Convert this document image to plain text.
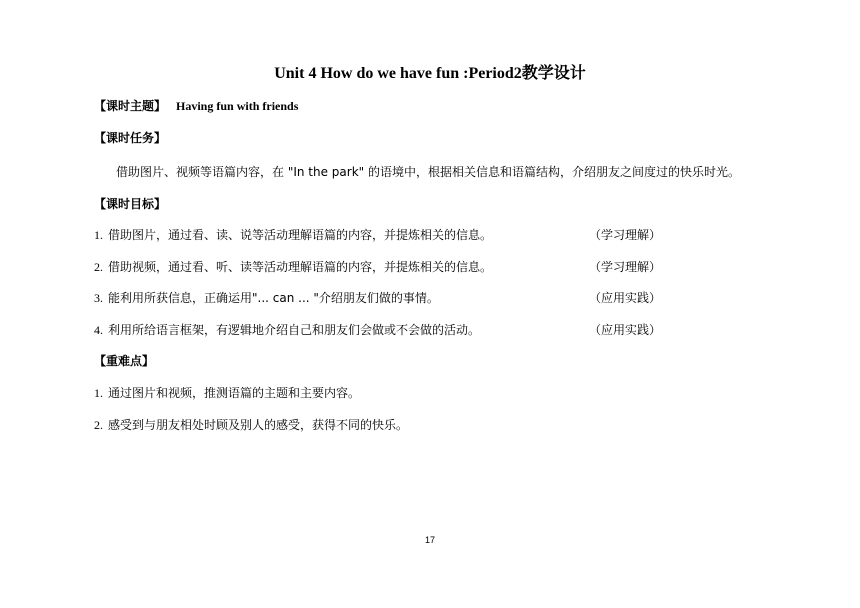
Unit 4 How do we have fun :Period2教学设计
【课时主题】 Having fun with friends
【课时任务】
借助图片、视频等语篇内容，在 "In the park" 的语境中，根据相关信息和语篇结构，介绍朋友之间度过的快乐时光。
【课时目标】
1. 借助图片，通过看、读、说等活动理解语篇的内容，并提炼相关的信息。	（学习理解）
2. 借助视频，通过看、听、读等活动理解语篇的内容，并提炼相关的信息。	（学习理解）
3. 能利用所获信息，正确运用"... can ... "介绍朋友们做的事情。	（应用实践）
4. 利用所给语言框架，有逻辑地介绍自己和朋友们会做或不会做的活动。	（应用实践）
【重难点】
1. 通过图片和视频，推测语篇的主题和主要内容。
2. 感受到与朋友相处时顾及别人的感受，获得不同的快乐。
17
